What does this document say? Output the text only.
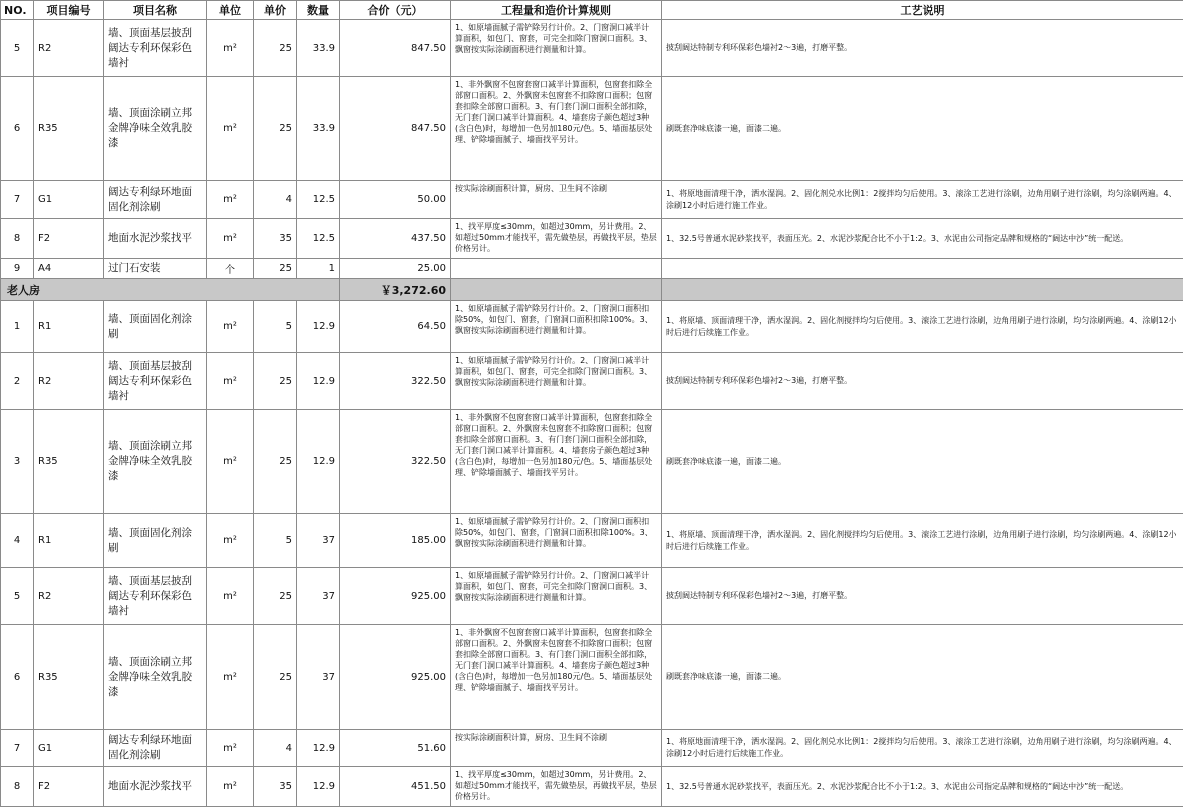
NO.	项目编号	项目名称	单位	单价	数量	合价（元）	工程量和造价计算规则	工艺说明
5	R2	墙、顶面基层披刮阔达专利环保彩色墙衬	m²	25	33.9	847.50	1、如原墙面腻子需铲除另行计价。2、门窗洞口减半计算面积，如包门、窗套，可完全扣除门窗洞口面积。3、飘窗按实际涂刷面积进行测量和计算。	披刮阔达特制专利环保彩色墙衬2～3遍，打磨平整。
6	R35	墙、顶面涂刷立邦金牌净味全效乳胶漆	m²	25	33.9	847.50	1、非外飘窗不包窗套窗口减半计算面积，包窗套扣除全部窗口面积。2、外飘窗未包窗套不扣除窗口面积；包窗套扣除全部窗口面积。3、有门套门洞口面积全部扣除，无门套门洞口减半计算面积。4、墙套房子颜色超过3种(含白色)时，每增加一色另加180元/色。5、墙面基层处理、铲除墙面腻子、墙面找平另计。	刷既套净味底漆一遍，面漆二遍。
7	G1	阔达专利绿环地面固化剂涂刷	m²	4	12.5	50.00	按实际涂刷面积计算，厨房、卫生间不涂刷	1、将原地面清理干净，洒水湿润。2、固化剂兑水比例1：2搅拌均匀后使用。3、滚涂工艺进行涂刷，边角用刷子进行涂刷，均匀涂刷两遍。4、涂刷12小时后进行施工作业。
8	F2	地面水泥沙浆找平	m²	35	12.5	437.50	1、找平厚度≤30mm，如超过30mm，另计费用。2、如超过50mm才能找平，需先做垫层，再做找平层，垫层价格另计。	1、32.5号普通水泥砂浆找平，表面压光。2、水泥沙浆配合比不小于1:2。3、水泥由公司指定品牌和规格的“阔达中沙”统一配送。
9	A4	过门石安装	个	25	1	25.00		
老人房						￥3,272.60		
1	R1	墙、顶面固化剂涂刷	m²	5	12.9	64.50	1、如原墙面腻子需铲除另行计价。2、门窗洞口面积扣除50%，如包门、窗套，门窗洞口面积扣除100%。3、飘窗按实际涂刷面积进行测量和计算。	1、将原墙、顶面清理干净，洒水湿润。2、固化剂搅拌均匀后使用。3、滚涂工艺进行涂刷，边角用刷子进行涂刷，均匀涂刷两遍。4、涂刷12小时后进行后续施工作业。
2	R2	墙、顶面基层披刮阔达专利环保彩色墙衬	m²	25	12.9	322.50	1、如原墙面腻子需铲除另行计价。2、门窗洞口减半计算面积，如包门、窗套，可完全扣除门窗洞口面积。3、飘窗按实际涂刷面积进行测量和计算。	披刮阔达特制专利环保彩色墙衬2～3遍，打磨平整。
3	R35	墙、顶面涂刷立邦金牌净味全效乳胶漆	m²	25	12.9	322.50	1、非外飘窗不包窗套窗口减半计算面积，包窗套扣除全部窗口面积。2、外飘窗未包窗套不扣除窗口面积；包窗套扣除全部窗口面积。3、有门套门洞口面积全部扣除，无门套门洞口减半计算面积。4、墙套房子颜色超过3种(含白色)时，每增加一色另加180元/色。5、墙面基层处理、铲除墙面腻子、墙面找平另计。	刷既套净味底漆一遍，面漆二遍。
4	R1	墙、顶面固化剂涂刷	m²	5	37	185.00	1、如原墙面腻子需铲除另行计价。2、门窗洞口面积扣除50%，如包门、窗套，门窗洞口面积扣除100%。3、飘窗按实际涂刷面积进行测量和计算。	1、将原墙、顶面清理干净，洒水湿润。2、固化剂搅拌均匀后使用。3、滚涂工艺进行涂刷，边角用刷子进行涂刷，均匀涂刷两遍。4、涂刷12小时后进行后续施工作业。
5	R2	墙、顶面基层披刮阔达专利环保彩色墙衬	m²	25	37	925.00	1、如原墙面腻子需铲除另行计价。2、门窗洞口减半计算面积，如包门、窗套，可完全扣除门窗洞口面积。3、飘窗按实际涂刷面积进行测量和计算。	披刮阔达特制专利环保彩色墙衬2～3遍，打磨平整。
6	R35	墙、顶面涂刷立邦金牌净味全效乳胶漆	m²	25	37	925.00	1、非外飘窗不包窗套窗口减半计算面积，包窗套扣除全部窗口面积。2、外飘窗未包窗套不扣除窗口面积；包窗套扣除全部窗口面积。3、有门套门洞口面积全部扣除，无门套门洞口减半计算面积。4、墙套房子颜色超过3种(含白色)时，每增加一色另加180元/色。5、墙面基层处理、铲除墙面腻子、墙面找平另计。	刷既套净味底漆一遍，面漆二遍。
7	G1	阔达专利绿环地面固化剂涂刷	m²	4	12.9	51.60	按实际涂刷面积计算，厨房、卫生间不涂刷	1、将原地面清理干净，洒水湿润。2、固化剂兑水比例1：2搅拌均匀后使用。3、滚涂工艺进行涂刷，边角用刷子进行涂刷，均匀涂刷两遍。4、涂刷12小时后进行后续施工作业。
8	F2	地面水泥沙浆找平	m²	35	12.9	451.50	1、找平厚度≤30mm，如超过30mm，另计费用。2、如超过50mm才能找平，需先做垫层，再做找平层，垫层价格另计。	1、32.5号普通水泥砂浆找平，表面压光。2、水泥沙浆配合比不小于1:2。3、水泥由公司指定品牌和规格的“阔达中沙”统一配送。
